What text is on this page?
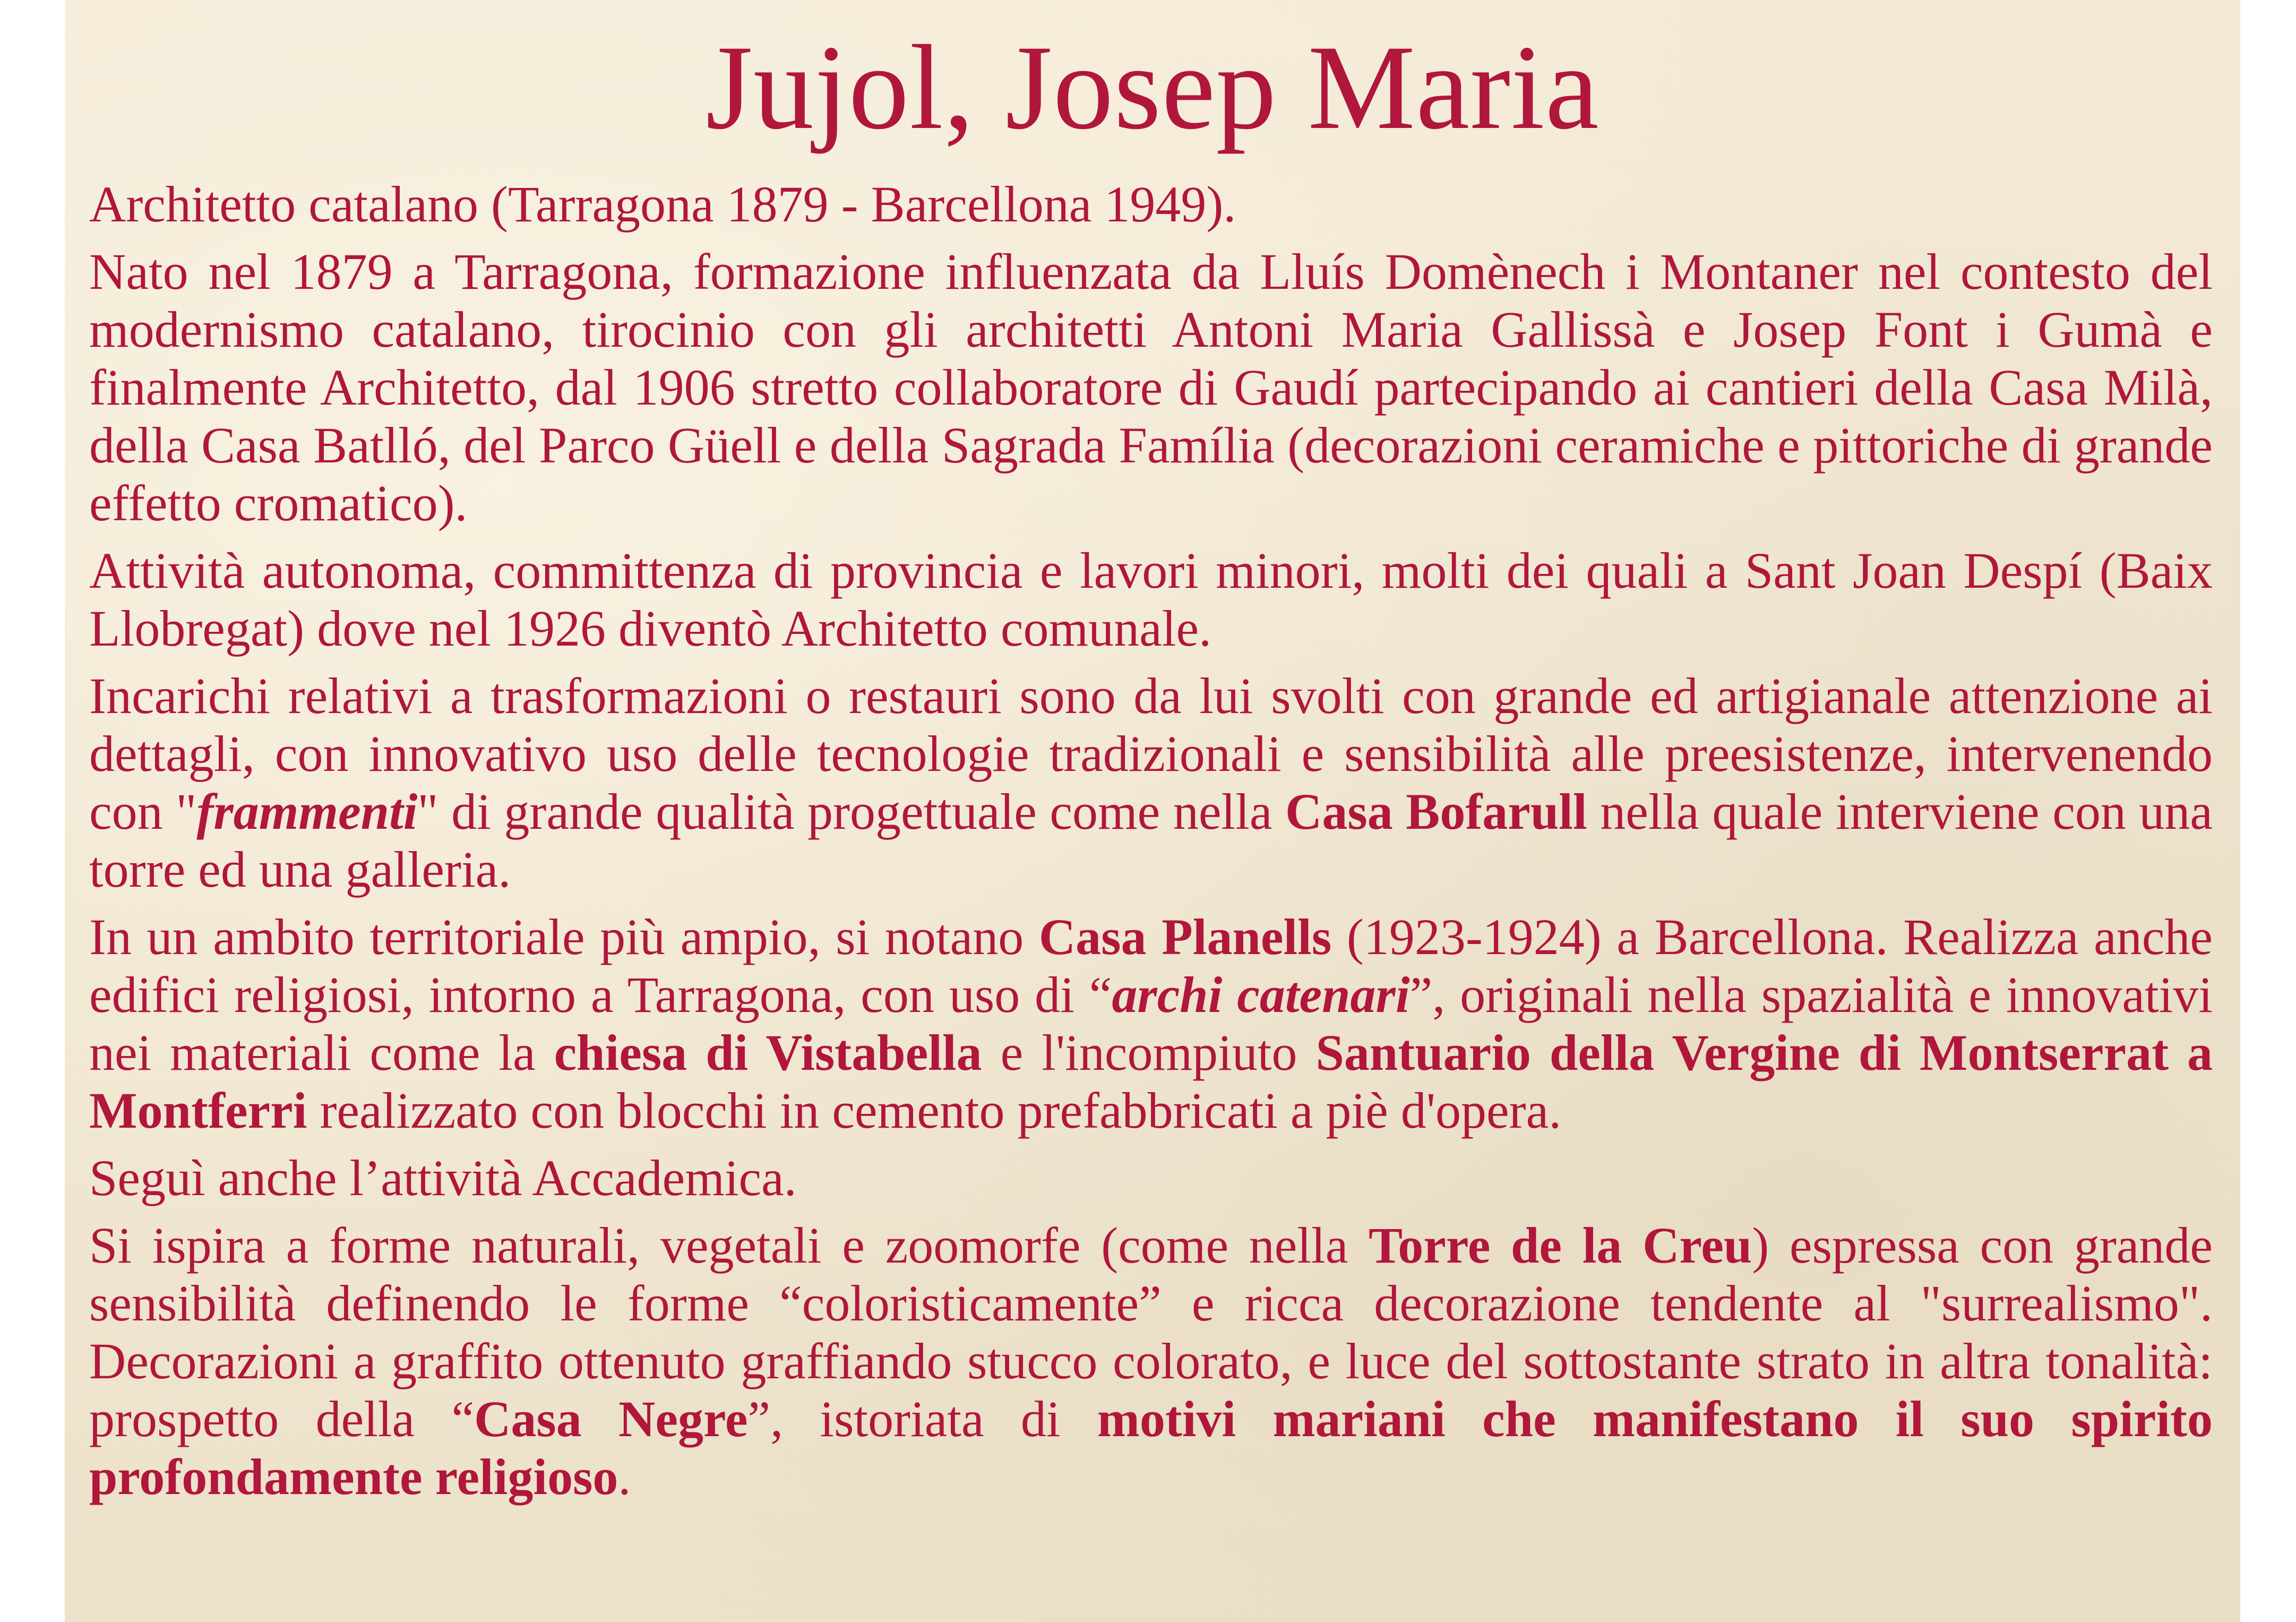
Jujol, Josep Maria

Architetto catalano (Tarragona 1879 - Barcellona 1949).

Nato nel 1879 a Tarragona, formazione influenzata da Lluís Domènech i Montaner nel contesto del modernismo catalano, tirocinio con gli architetti Antoni Maria Gallissà e Josep Font i Gumà e finalmente Architetto, dal 1906 stretto collaboratore di Gaudí partecipando ai cantieri della Casa Milà, della Casa Batlló, del Parco Güell e della Sagrada Família (decorazioni ceramiche e pittoriche di grande effetto cromatico).

Attività autonoma, committenza di provincia e lavori minori, molti dei quali a Sant Joan Despí (Baix Llobregat) dove nel 1926 diventò Architetto comunale.

Incarichi relativi a trasformazioni o restauri sono da lui svolti con grande ed artigianale attenzione ai dettagli, con innovativo uso delle tecnologie tradizionali e sensibilità alle preesistenze, intervenendo con "frammenti" di grande qualità progettuale come nella Casa Bofarull nella quale interviene con una torre ed una galleria.

In un ambito territoriale più ampio, si notano Casa Planells (1923-1924) a Barcellona. Realizza anche edifici religiosi, intorno a Tarragona, con uso di “archi catenari”, originali nella spazialità e innovativi nei materiali come la chiesa di Vistabella e l'incompiuto Santuario della Vergine di Montserrat a Montferri realizzato con blocchi in cemento prefabbricati a piè d'opera.

Seguì anche l’attività Accademica.

Si ispira a forme naturali, vegetali e zoomorfe (come nella Torre de la Creu) espressa con grande sensibilità definendo le forme “coloristicamente” e ricca decorazione tendente al "surrealismo". Decorazioni a graffito ottenuto graffiando stucco colorato, e luce del sottostante strato in altra tonalità: prospetto della “Casa Negre”, istoriata di motivi mariani che manifestano il suo spirito profondamente religioso.
